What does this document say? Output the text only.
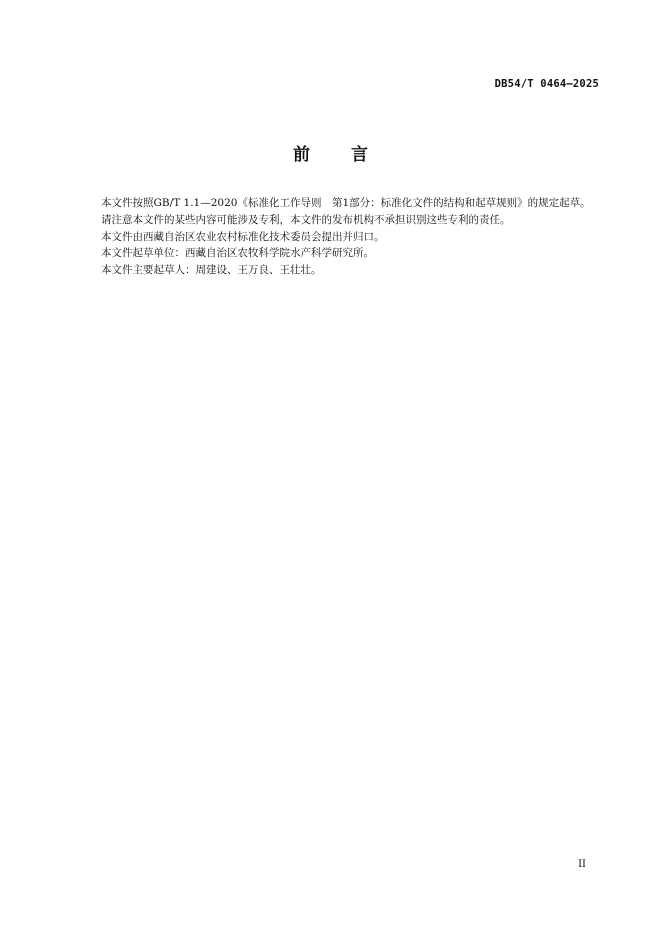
DB54/T 0464—2025
前 言

本文件按照GB/T 1.1—2020《标准化工作导则　第1部分：标准化文件的结构和起草规则》的规定起草。

请注意本文件的某些内容可能涉及专利，本文件的发布机构不承担识别这些专利的责任。

本文件由西藏自治区农业农村标准化技术委员会提出并归口。

本文件起草单位：西藏自治区农牧科学院水产科学研究所。

本文件主要起草人：周建设、王万良、王壮壮。

II
